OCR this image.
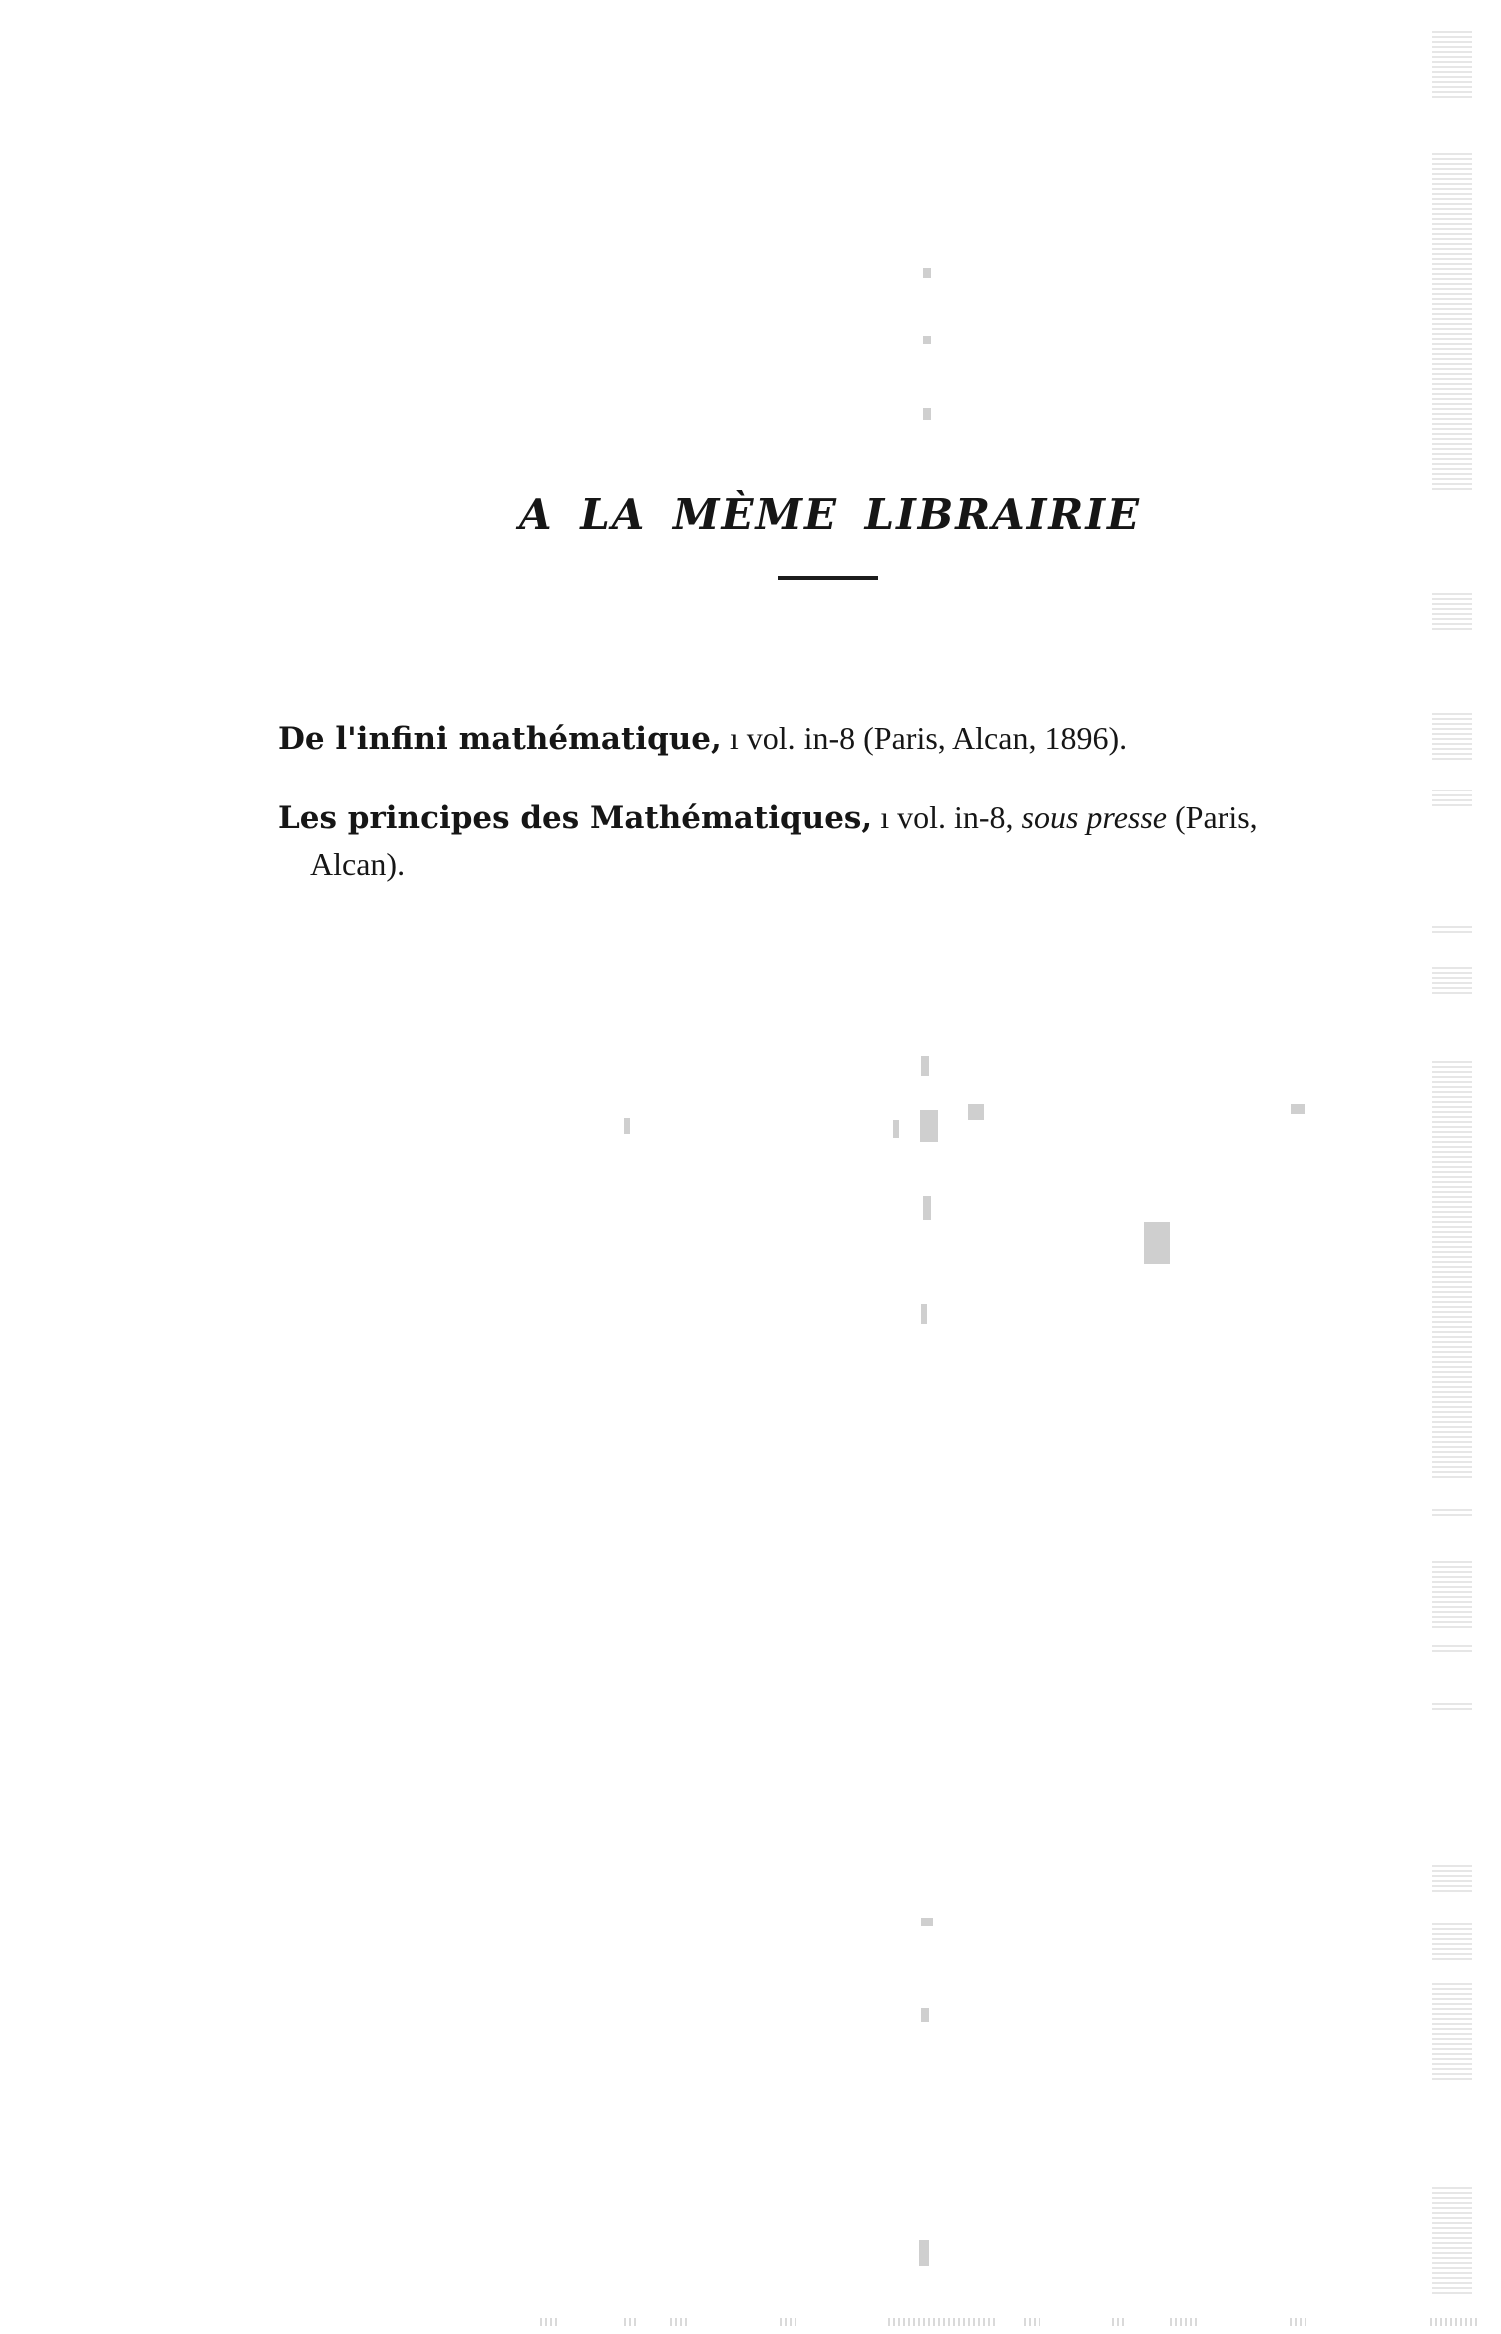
A LA MÈME LIBRAIRIE
De l'infini mathématique, ı vol. in-8 (Paris, Alcan, 1896).
Les principes des Mathématiques, ı vol. in-8, sous presse (Paris,
Alcan).
